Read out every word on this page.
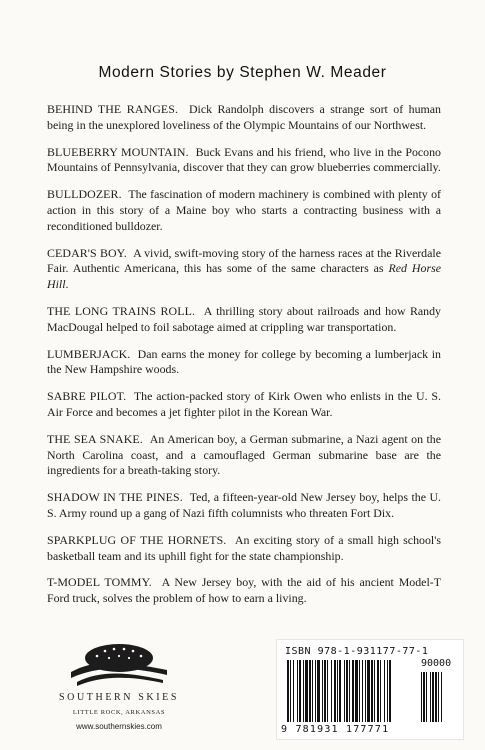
Modern Stories by Stephen W. Meader

BEHIND THE RANGES. Dick Randolph discovers a strange sort of human being in the unexplored loveliness of the Olympic Mountains of our Northwest.

BLUEBERRY MOUNTAIN. Buck Evans and his friend, who live in the Pocono Mountains of Pennsylvania, discover that they can grow blueberries commercially.

BULLDOZER. The fascination of modern machinery is combined with plenty of action in this story of a Maine boy who starts a contracting business with a reconditioned bulldozer.

CEDAR'S BOY. A vivid, swift-moving story of the harness races at the Riverdale Fair. Authentic Americana, this has some of the same characters as Red Horse Hill.

THE LONG TRAINS ROLL. A thrilling story about railroads and how Randy MacDougal helped to foil sabotage aimed at crippling war transportation.

LUMBERJACK. Dan earns the money for college by becoming a lumberjack in the New Hampshire woods.

SABRE PILOT. The action-packed story of Kirk Owen who enlists in the U. S. Air Force and becomes a jet fighter pilot in the Korean War.

THE SEA SNAKE. An American boy, a German submarine, a Nazi agent on the North Carolina coast, and a camouflaged German submarine base are the ingredients for a breath-taking story.

SHADOW IN THE PINES. Ted, a fifteen-year-old New Jersey boy, helps the U. S. Army round up a gang of Nazi fifth columnists who threaten Fort Dix.

SPARKPLUG OF THE HORNETS. An exciting story of a small high school's basketball team and its uphill fight for the state championship.

T-MODEL TOMMY. A New Jersey boy, with the aid of his ancient Model-T Ford truck, solves the problem of how to earn a living.

SOUTHERN SKIES
LITTLE ROCK, ARKANSAS
www.southernskies.com
ISBN 978-1-931177-77-1
90000
9 781931 177771
